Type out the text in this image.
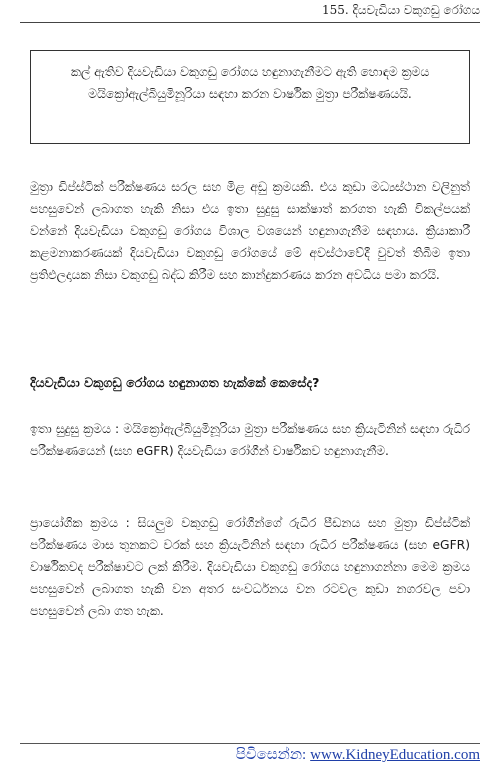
155. දියවැඩියා වකුගඩු රෝගය
කල් ඇතිව දියවැඩියා වකුගඩු රෝගය හඳුනාගැනීමට ඇති හොඳම ක්‍රමය මයික්‍රෝඇල්බියුමිනූරියා සඳහා කරන වාර්ෂික මුත්‍රා පරීක්ෂණයයි.
මුත්‍රා ඩිප්ස්ටික් පරීක්ෂණය සරල සහ මිළ අඩු ක්‍රමයකි. එය කුඩා මධ්‍යස්ථාන වලිනුත් පහසුවෙන් ලබාගත හැකි නිසා එය ඉතා සුදුසු සාක්ෂාත් කරගත හැකි විකල්පයක් වන්නේ දියවැඩියා වකුගඩු රෝගය විශාල වශයෙන් හඳුනාගැනීම සඳහාය. ක්‍රියාකාරී කළමනාකරණයක් දියවැඩියා වකුගඩු රෝගයේ මේ අවස්ථාවේදී වුවත් තිබීම ඉතා ප්‍රතිඵලදායක නිසා වකුගඩු බද්ධ කිරීම සහ කාන්දුකරණය කරන අවධිය පමා කරයි.
දියවැඩියා වකුගඩු රෝගය හඳුනාගත හැක්කේ කෙසේද?
ඉතා සුදුසු ක්‍රමය : මයික්‍රෝඇල්බියුමිනූරියා මුත්‍රා පරීක්ෂණය සහ ක්‍රියැටිනින් සඳහා රුධිර පරීක්ෂණයෙන් (සහ eGFR) දියවැඩියා රෝගීන් වාර්ෂිකව හඳුනාගැනීම.
ප්‍රායෝගික ක්‍රමය : සියලුම වකුගඩු රෝගීන්ගේ රුධිර පීඩනය සහ මුත්‍රා ඩිප්ස්ටික් පරීක්ෂණය මාස තුනකට වරක් සහ ක්‍රියැටිනින් සඳහා රුධිර පරීක්ෂණය (සහ eGFR) වාර්ෂිකවද පරීක්ෂාවට ලක් කිරීම. දියවැඩියා වකුගඩු රෝගය හඳුනාගන්නා මෙම ක්‍රමය පහසුවෙන් ලබාගත හැකි වන අතර සංවර්ධනය වන රටවල කුඩා නගරවල පවා පහසුවෙන් ලබා ගත හැක.
පිවිසෙන්න: www.KidneyEducation.com
